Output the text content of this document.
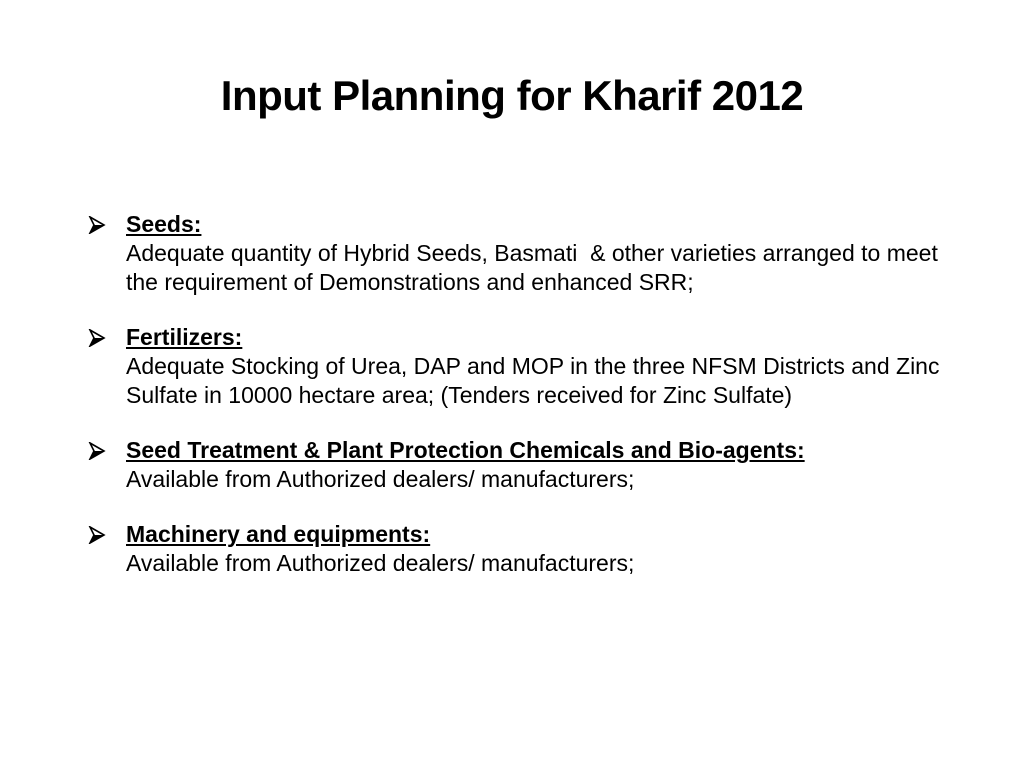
Input Planning for Kharif 2012
Seeds:
Adequate quantity of Hybrid Seeds, Basmati  & other varieties arranged to meet the requirement of Demonstrations and enhanced SRR;
Fertilizers:
Adequate Stocking of Urea, DAP and MOP in the three NFSM Districts and Zinc Sulfate in 10000 hectare area; (Tenders received for Zinc Sulfate)
Seed Treatment & Plant Protection Chemicals and Bio-agents:
Available from Authorized dealers/ manufacturers;
Machinery and equipments:
Available from Authorized dealers/ manufacturers;
